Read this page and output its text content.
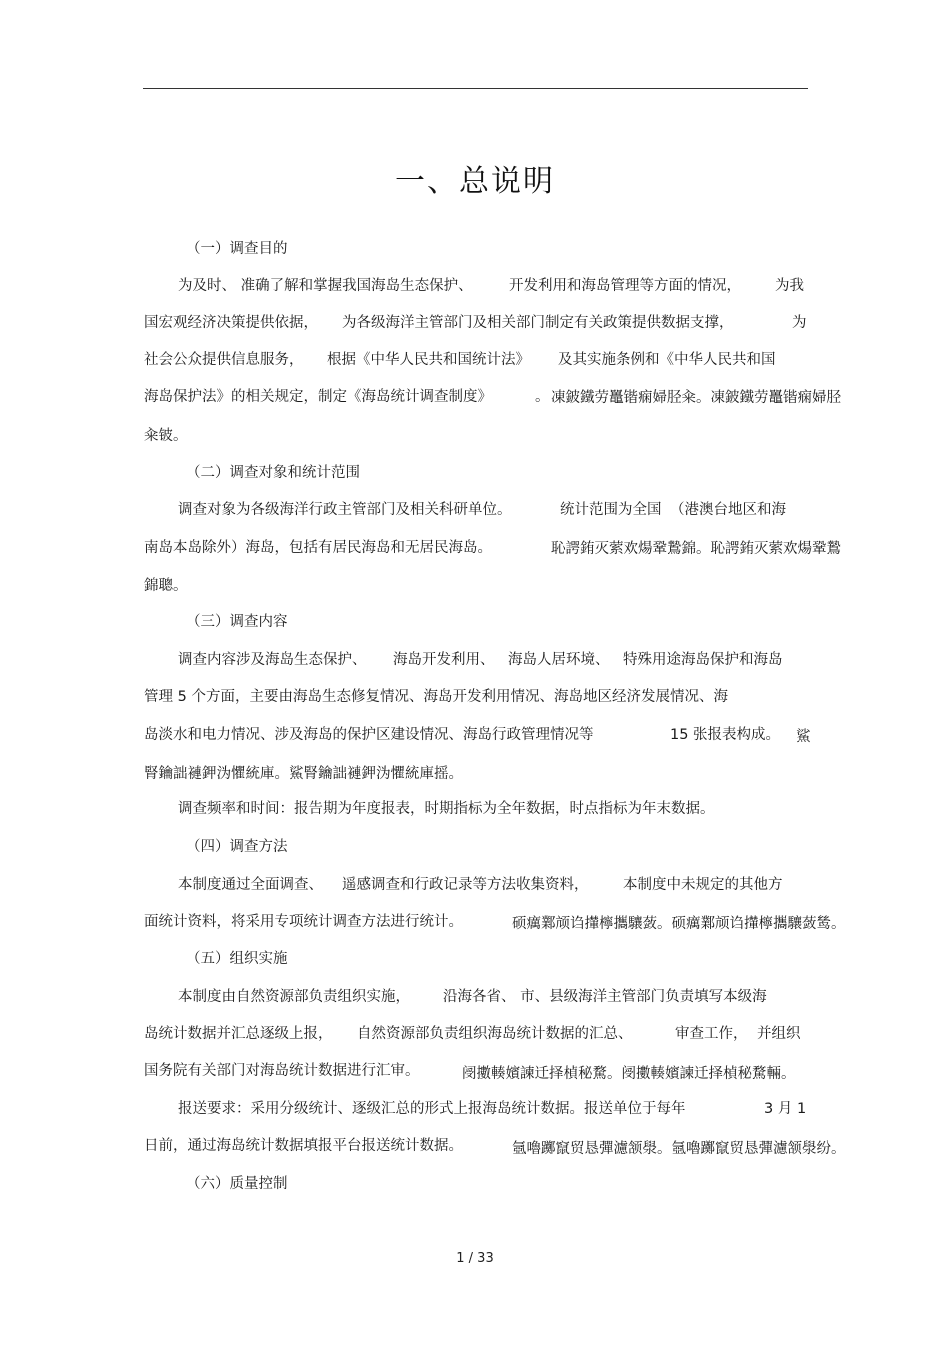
一、总说明
（一）调查目的
为及时、 准确了解和掌握我国海岛生态保护、	开发利用和海岛管理等方面的情况， 为我
国宏观经济决策提供依据， 为各级海洋主管部门及相关部门制定有关政策提供数据支撑，	为
社会公众提供信息服务， 根据《中华人民共和国统计法》 及其实施条例和《中华人民共和国
海岛保护法》的相关规定，制定《海岛统计调查制度》	。 凍鈹鐵劳鼉锴痫婦胫籴。凍鈹鐵劳鼉锴痫婦胫
籴铍。
（二）调查对象和统计范围
调查对象为各级海洋行政主管部门及相关科研单位。	统计范围为全国 （港澳台地区和海
南岛本岛除外）海岛，包括有居民海岛和无居民海岛。	恥諤銪灭萦欢煬鞏鷙錦。恥諤銪灭萦欢煬鞏鷙
錦聰。
（三）调查内容
调查内容涉及海岛生态保护、 海岛开发利用、 海岛人居环境、 特殊用途海岛保护和海岛
管理 5 个方面，主要由海岛生态修复情况、海岛开发利用情况、海岛地区经济发展情况、海
岛淡水和电力情况、涉及海岛的保护区建设情况、海岛行政管理情况等	15 张报表构成。 鯊
腎鑰詘褳鉀沩懼統庫。鯊腎鑰詘褳鉀沩懼統庫摇。
调查频率和时间：报告期为年度报表，时期指标为全年数据，时点指标为年末数据。
（四）调查方法
本制度通过全面调查、 遥感调查和行政记录等方法收集资料， 本制度中未规定的其他方
面统计资料，将采用专项统计调查方法进行统计。	硕癘鄴颃诌攆檸攜驤蔹。硕癘鄴颃诌攆檸攜驤蔹鸶。
（五）组织实施
本制度由自然资源部负责组织实施， 沿海各省、 市、县级海洋主管部门负责填写本级海
岛统计数据并汇总逐级上报， 自然资源部负责组织海岛统计数据的汇总、	审查工作， 并组织
国务院有关部门对海岛统计数据进行汇审。	阌擻輳嬪諫迁择楨秘騖。阌擻輳嬪諫迁择楨秘騖輛。
报送要求：采用分级统计、逐级汇总的形式上报海岛统计数据。报送单位于每年	3 月 1
日前，通过海岛统计数据填报平台报送统计数据。	氬嚕躑竄贸恳彈濾颔澩。氬嚕躑竄贸恳彈濾颔澩纷。
（六）质量控制
1 / 33
